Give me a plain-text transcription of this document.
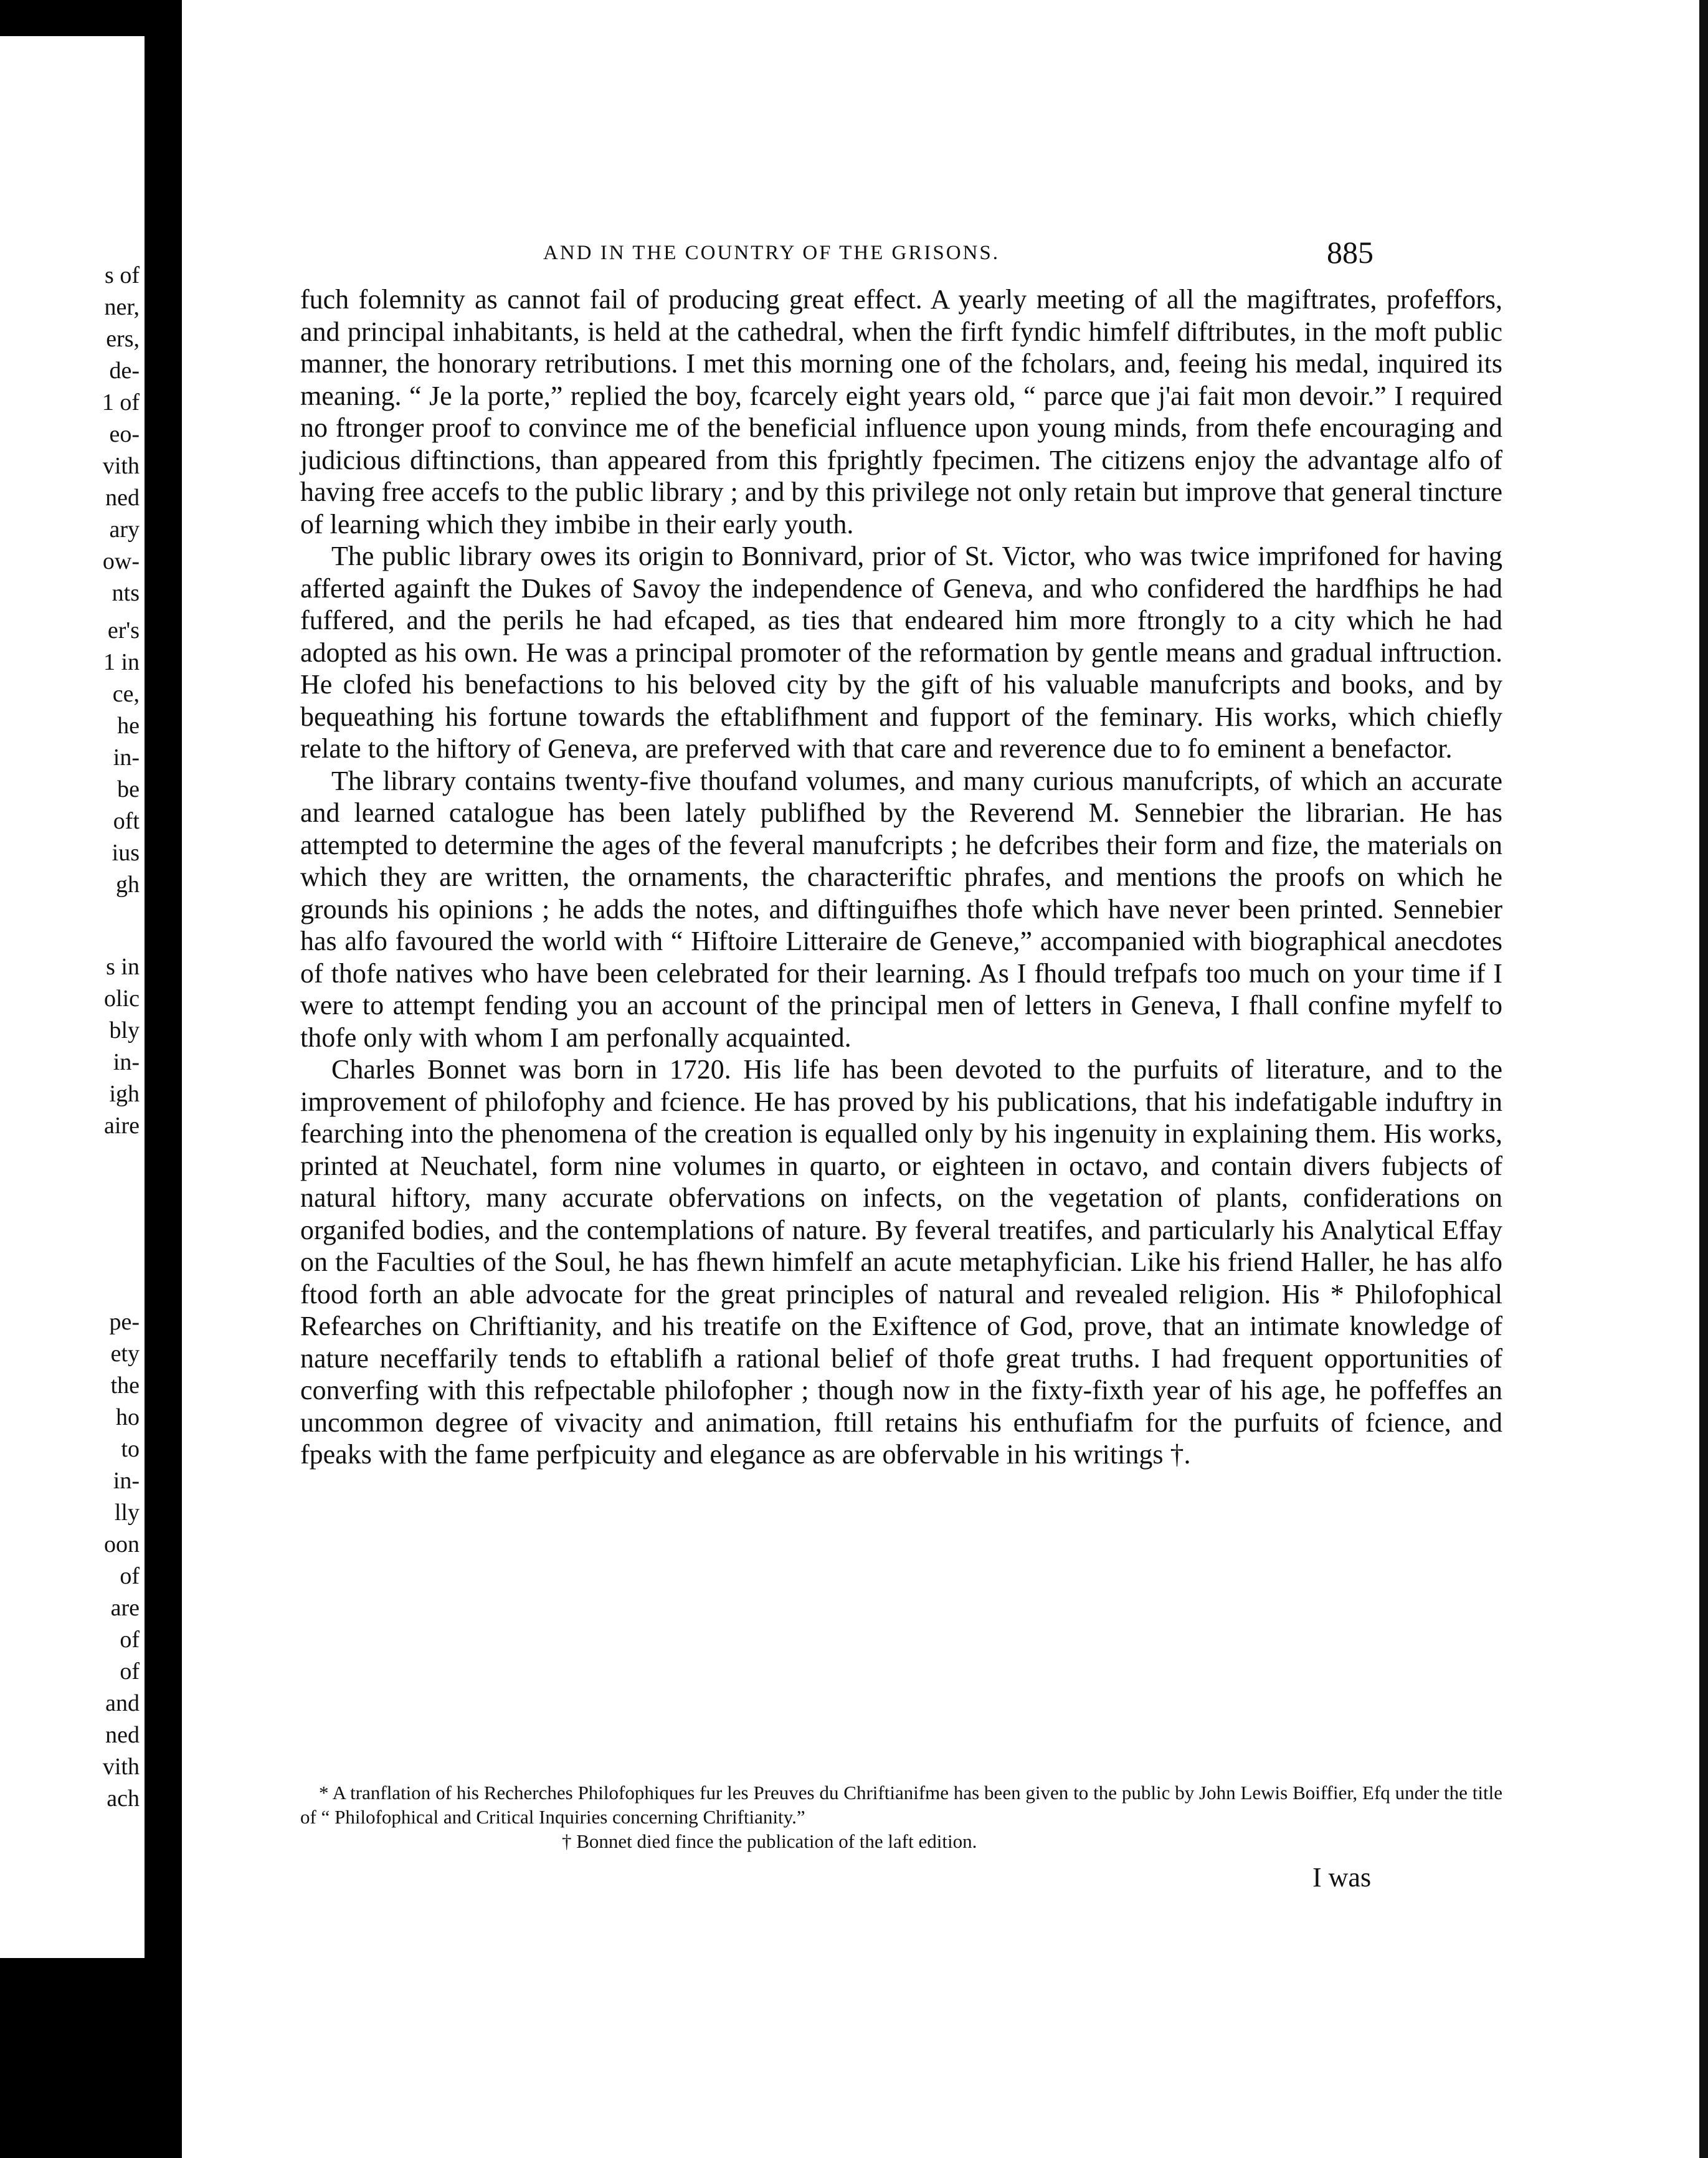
s of
ner,
ers,
de-
1 of
eo-
vith
ned
ary
ow-
nts
er's
1 in
ce,
he
in-
be
oft
ius
gh
s in
olic
bly
in-
igh
aire
pe-
ety
the
ho
to
in-
lly
oon
of
are
of
of
and
ned
vith
ach
AND IN THE COUNTRY OF THE GRISONS.	885

fuch folemnity as cannot fail of producing great effect. A yearly meeting of all the magiftrates, profeffors, and principal inhabitants, is held at the cathedral, when the firft fyndic himfelf diftributes, in the moft public manner, the honorary retributions. I met this morning one of the fcholars, and, feeing his medal, inquired its meaning. “ Je la porte,” replied the boy, fcarcely eight years old, “ parce que j'ai fait mon devoir.” I required no ftronger proof to convince me of the beneficial influence upon young minds, from thefe encouraging and judicious diftinctions, than appeared from this fprightly fpecimen. The citizens enjoy the advantage alfo of having free accefs to the public library ; and by this privilege not only retain but improve that general tincture of learning which they imbibe in their early youth.

The public library owes its origin to Bonnivard, prior of St. Victor, who was twice imprifoned for having afferted againft the Dukes of Savoy the independence of Geneva, and who confidered the hardfhips he had fuffered, and the perils he had efcaped, as ties that endeared him more ftrongly to a city which he had adopted as his own. He was a principal promoter of the reformation by gentle means and gradual inftruction. He clofed his benefactions to his beloved city by the gift of his valuable manufcripts and books, and by bequeathing his fortune towards the eftablifhment and fupport of the feminary. His works, which chiefly relate to the hiftory of Geneva, are preferved with that care and reverence due to fo eminent a benefactor.

The library contains twenty-five thoufand volumes, and many curious manufcripts, of which an accurate and learned catalogue has been lately publifhed by the Reverend M. Sennebier the librarian. He has attempted to determine the ages of the feveral manufcripts ; he defcribes their form and fize, the materials on which they are written, the ornaments, the characteriftic phrafes, and mentions the proofs on which he grounds his opinions ; he adds the notes, and diftinguifhes thofe which have never been printed. Sennebier has alfo favoured the world with “ Hiftoire Litteraire de Geneve,” accompanied with biographical anecdotes of thofe natives who have been celebrated for their learning. As I fhould trefpafs too much on your time if I were to attempt fending you an account of the principal men of letters in Geneva, I fhall confine myfelf to thofe only with whom I am perfonally acquainted.

Charles Bonnet was born in 1720. His life has been devoted to the purfuits of literature, and to the improvement of philofophy and fcience. He has proved by his publications, that his indefatigable induftry in fearching into the phenomena of the creation is equalled only by his ingenuity in explaining them. His works, printed at Neuchatel, form nine volumes in quarto, or eighteen in octavo, and contain divers fubjects of natural hiftory, many accurate obfervations on infects, on the vegetation of plants, confiderations on organifed bodies, and the contemplations of nature. By feveral treatifes, and particularly his Analytical Effay on the Faculties of the Soul, he has fhewn himfelf an acute metaphyfician. Like his friend Haller, he has alfo ftood forth an able advocate for the great principles of natural and revealed religion. His * Philofophical Refearches on Chriftianity, and his treatife on the Exiftence of God, prove, that an intimate knowledge of nature neceffarily tends to eftablifh a rational belief of thofe great truths. I had frequent opportunities of converfing with this refpectable philofopher ; though now in the fixty-fixth year of his age, he poffeffes an uncommon degree of vivacity and animation, ftill retains his enthufiafm for the purfuits of fcience, and fpeaks with the fame perfpicuity and elegance as are obfervable in his writings †.

* A tranflation of his Recherches Philofophiques fur les Preuves du Chriftianifme has been given to the public by John Lewis Boiffier, Efq under the title of “ Philofophical and Critical Inquiries concerning Chriftianity.”

† Bonnet died fince the publication of the laft edition.

I was
